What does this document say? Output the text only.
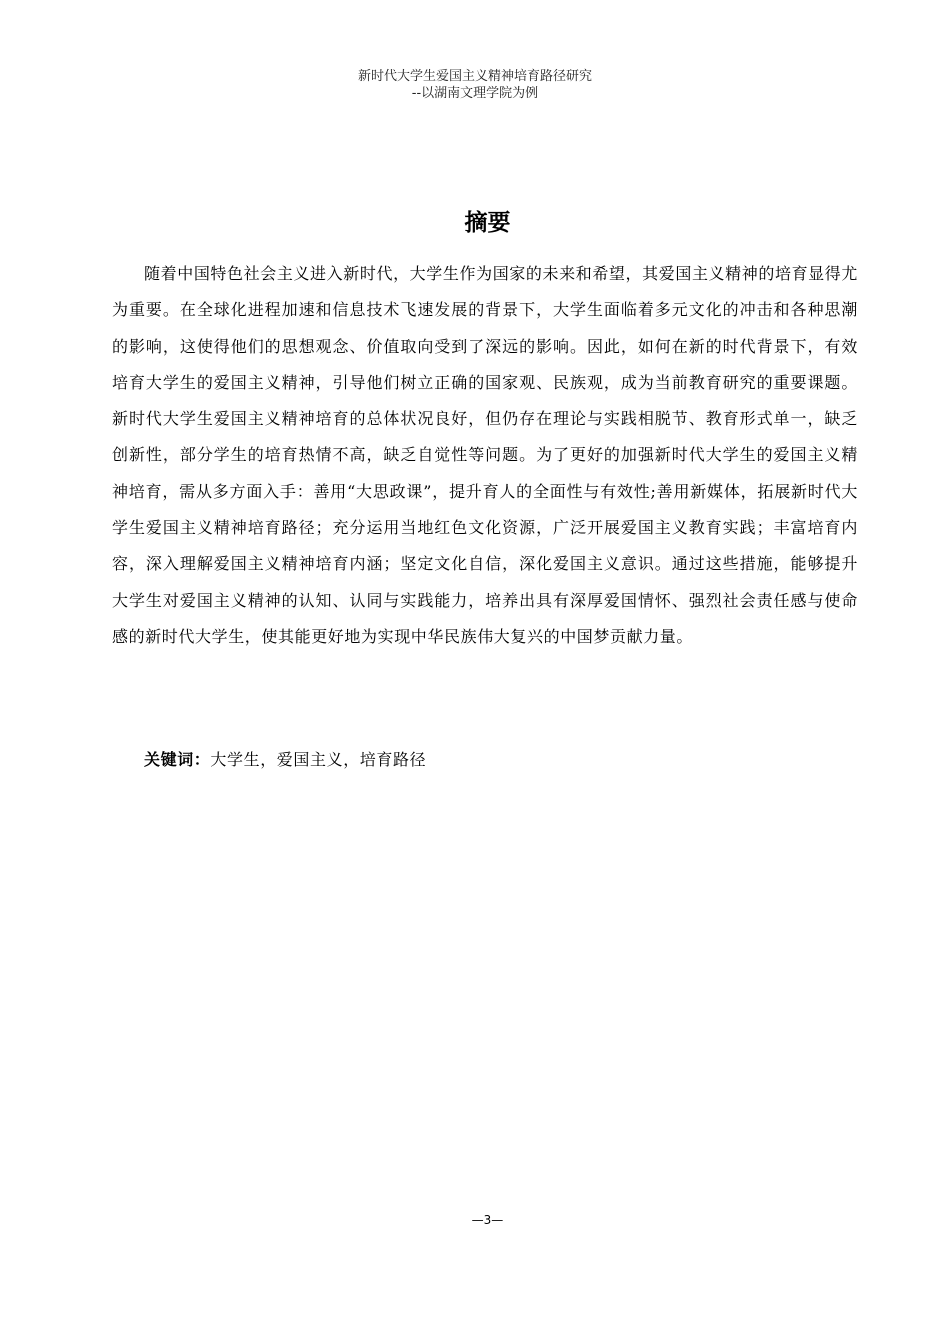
新时代大学生爱国主义精神培育路径研究
--以湖南文理学院为例
摘要

随着中国特色社会主义进入新时代，大学生作为国家的未来和希望，其爱国主义精神的培育显得尤为重要。在全球化进程加速和信息技术飞速发展的背景下，大学生面临着多元文化的冲击和各种思潮的影响，这使得他们的思想观念、价值取向受到了深远的影响。因此，如何在新的时代背景下，有效培育大学生的爱国主义精神，引导他们树立正确的国家观、民族观，成为当前教育研究的重要课题。新时代大学生爱国主义精神培育的总体状况良好，但仍存在理论与实践相脱节、教育形式单一，缺乏创新性，部分学生的培育热情不高，缺乏自觉性等问题。为了更好的加强新时代大学生的爱国主义精神培育，需从多方面入手：善用“大思政课”，提升育人的全面性与有效性;善用新媒体，拓展新时代大学生爱国主义精神培育路径；充分运用当地红色文化资源，广泛开展爱国主义教育实践；丰富培育内容，深入理解爱国主义精神培育内涵；坚定文化自信，深化爱国主义意识。通过这些措施，能够提升大学生对爱国主义精神的认知、认同与实践能力，培养出具有深厚爱国情怀、强烈社会责任感与使命感的新时代大学生，使其能更好地为实现中华民族伟大复兴的中国梦贡献力量。

关键词：大学生，爱国主义，培育路径
—3—
